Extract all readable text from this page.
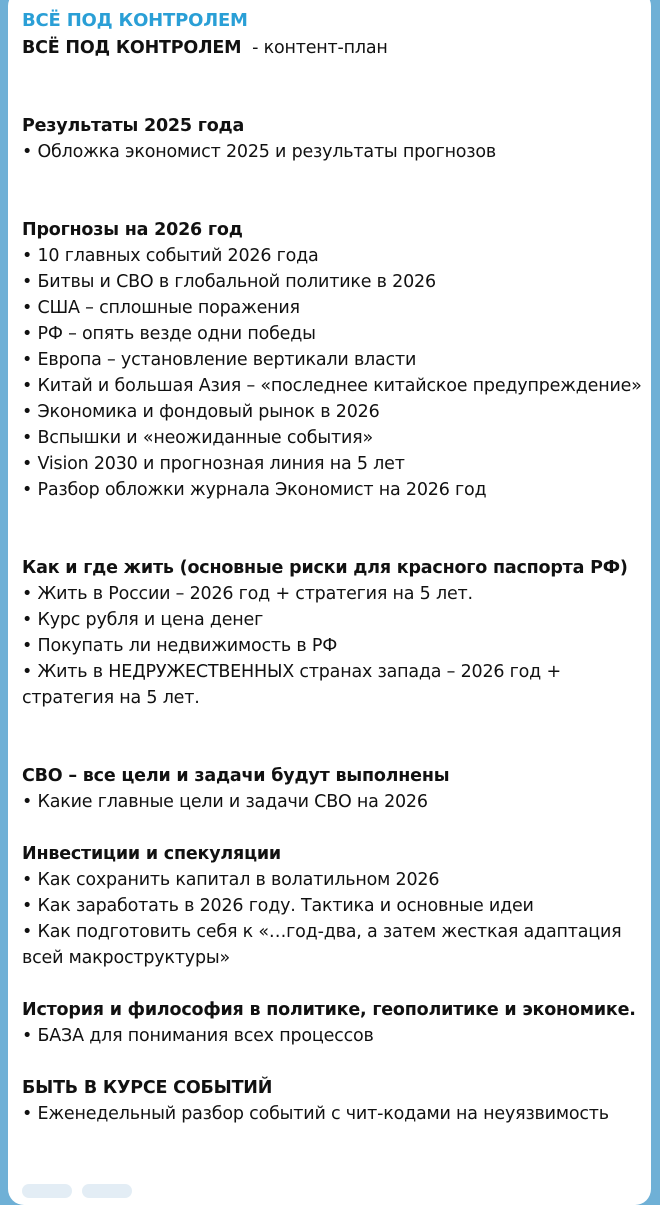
ВСЁ ПОД КОНТРОЛЕМ
ВСЁ ПОД КОНТРОЛЕМ  - контент-план
Результаты 2025 года
• Обложка экономист 2025 и результаты прогнозов
Прогнозы на 2026 год
• 10 главных событий 2026 года
• Битвы и СВО в глобальной политике в 2026
• США – сплошные поражения
• РФ – опять везде одни победы
• Европа – установление вертикали власти
• Китай и большая Азия – «последнее китайское предупреждение»
• Экономика и фондовый рынок в 2026
• Вспышки и «неожиданные события»
• Vision 2030 и прогнозная линия на 5 лет
• Разбор обложки журнала Экономист на 2026 год
Как и где жить (основные риски для красного паспорта РФ)
• Жить в России – 2026 год + стратегия на 5 лет.
• Курс рубля и цена денег
• Покупать ли недвижимость в РФ
• Жить в НЕДРУЖЕСТВЕННЫХ странах запада – 2026 год + стратегия на 5 лет.
СВО – все цели и задачи будут выполнены
• Какие главные цели и задачи СВО на 2026
Инвестиции и спекуляции
• Как сохранить капитал в волатильном 2026
• Как заработать в 2026 году. Тактика и основные идеи
• Как подготовить себя к «…год-два, а затем жесткая адаптация всей макроструктуры»
История и философия в политике, геополитике и экономике.
• БАЗА для понимания всех процессов
БЫТЬ В КУРСЕ СОБЫТИЙ
• Еженедельный разбор событий с чит-кодами на неуязвимость
